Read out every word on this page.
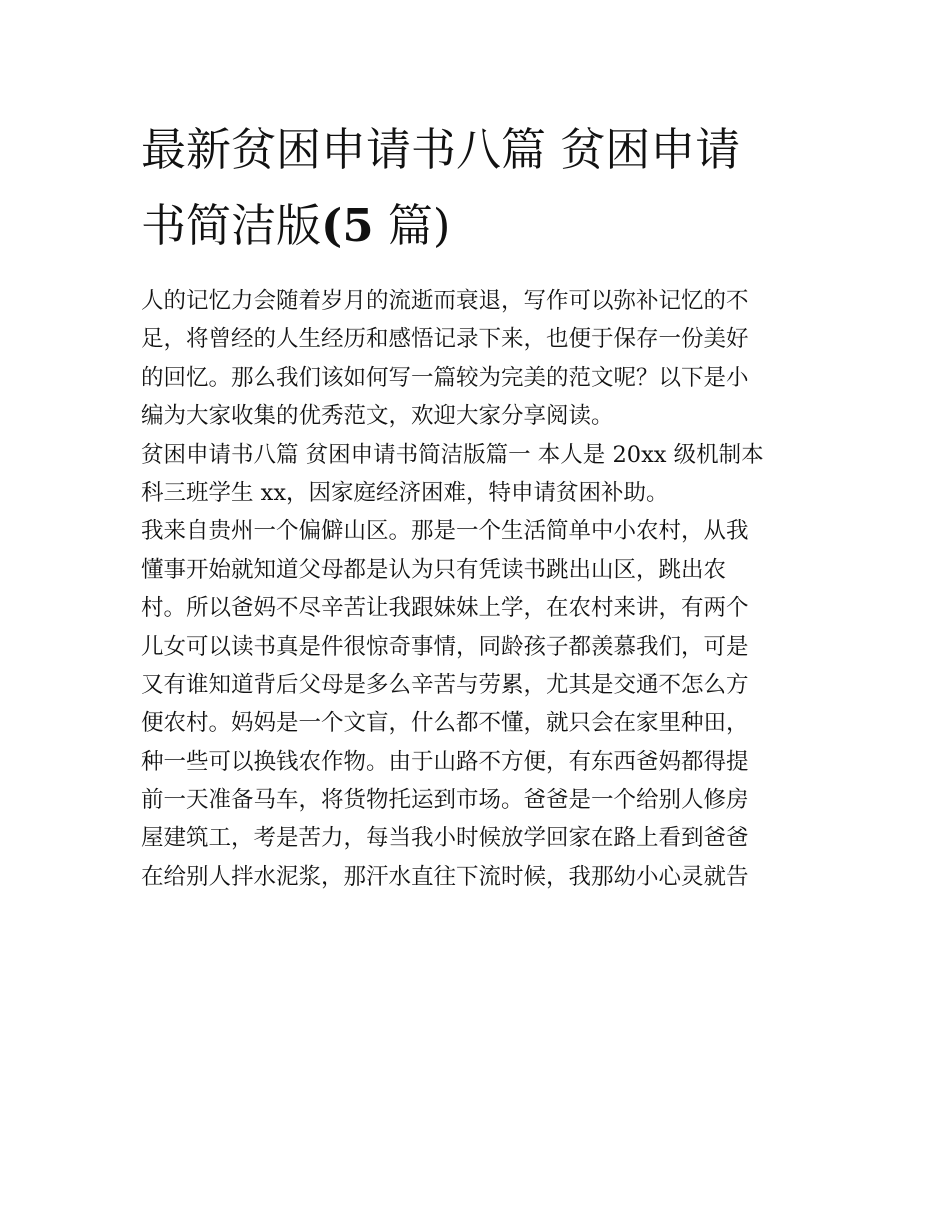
最新贫困申请书八篇 贫困申请
书简洁版(5 篇)
人的记忆力会随着岁月的流逝而衰退，写作可以弥补记忆的不
足，将曾经的人生经历和感悟记录下来，也便于保存一份美好
的回忆。那么我们该如何写一篇较为完美的范文呢？以下是小
编为大家收集的优秀范文，欢迎大家分享阅读。
贫困申请书八篇 贫困申请书简洁版篇一 本人是 20xx 级机制本
科三班学生 xx，因家庭经济困难，特申请贫困补助。
我来自贵州一个偏僻山区。那是一个生活简单中小农村，从我
懂事开始就知道父母都是认为只有凭读书跳出山区，跳出农
村。所以爸妈不尽辛苦让我跟妹妹上学，在农村来讲，有两个
儿女可以读书真是件很惊奇事情，同龄孩子都羡慕我们，可是
又有谁知道背后父母是多么辛苦与劳累，尤其是交通不怎么方
便农村。妈妈是一个文盲，什么都不懂，就只会在家里种田，
种一些可以换钱农作物。由于山路不方便，有东西爸妈都得提
前一天准备马车，将货物托运到市场。爸爸是一个给别人修房
屋建筑工，考是苦力，每当我小时候放学回家在路上看到爸爸
在给别人拌水泥浆，那汗水直往下流时候，我那幼小心灵就告
